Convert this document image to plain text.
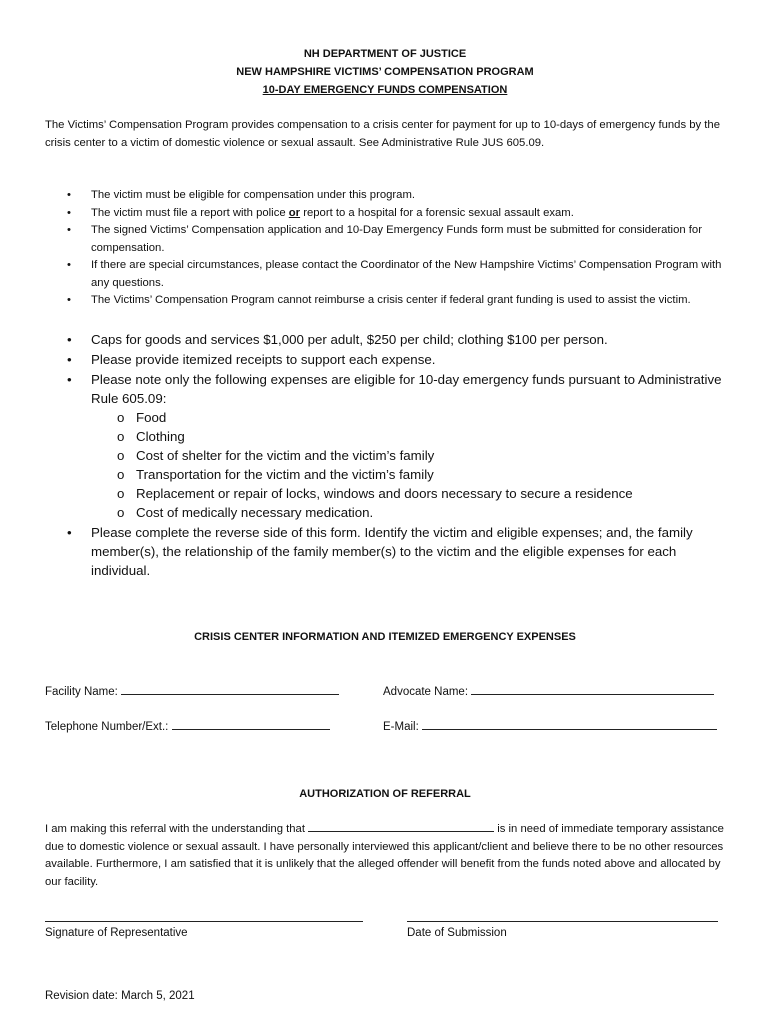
NH DEPARTMENT OF JUSTICE
NEW HAMPSHIRE VICTIMS’ COMPENSATION PROGRAM
10-DAY EMERGENCY FUNDS COMPENSATION
The Victims’ Compensation Program provides compensation to a crisis center for payment for up to 10-days of emergency funds by the crisis center to a victim of domestic violence or sexual assault. See Administrative Rule JUS 605.09.
• The victim must be eligible for compensation under this program.
• The victim must file a report with police or report to a hospital for a forensic sexual assault exam.
• The signed Victims’ Compensation application and 10-Day Emergency Funds form must be submitted for consideration for compensation.
• If there are special circumstances, please contact the Coordinator of the New Hampshire Victims’ Compensation Program with any questions.
• The Victims’ Compensation Program cannot reimburse a crisis center if federal grant funding is used to assist the victim.
• Caps for goods and services $1,000 per adult, $250 per child; clothing $100 per person.
• Please provide itemized receipts to support each expense.
• Please note only the following expenses are eligible for 10-day emergency funds pursuant to Administrative Rule 605.09:
o Food
o Clothing
o Cost of shelter for the victim and the victim’s family
o Transportation for the victim and the victim’s family
o Replacement or repair of locks, windows and doors necessary to secure a residence
o Cost of medically necessary medication.
• Please complete the reverse side of this form. Identify the victim and eligible expenses; and, the family member(s), the relationship of the family member(s) to the victim and the eligible expenses for each individual.
CRISIS CENTER INFORMATION AND ITEMIZED EMERGENCY EXPENSES
Facility Name:	Advocate Name:
Telephone Number/Ext.:	E-Mail:
AUTHORIZATION OF REFERRAL
I am making this referral with the understanding that	is in need of immediate temporary assistance due to domestic violence or sexual assault. I have personally interviewed this applicant/client and believe there to be no other resources available. Furthermore, I am satisfied that it is unlikely that the alleged offender will benefit from the funds noted above and allocated by our facility.
Signature of Representative	Date of Submission
Revision date: March 5, 2021
